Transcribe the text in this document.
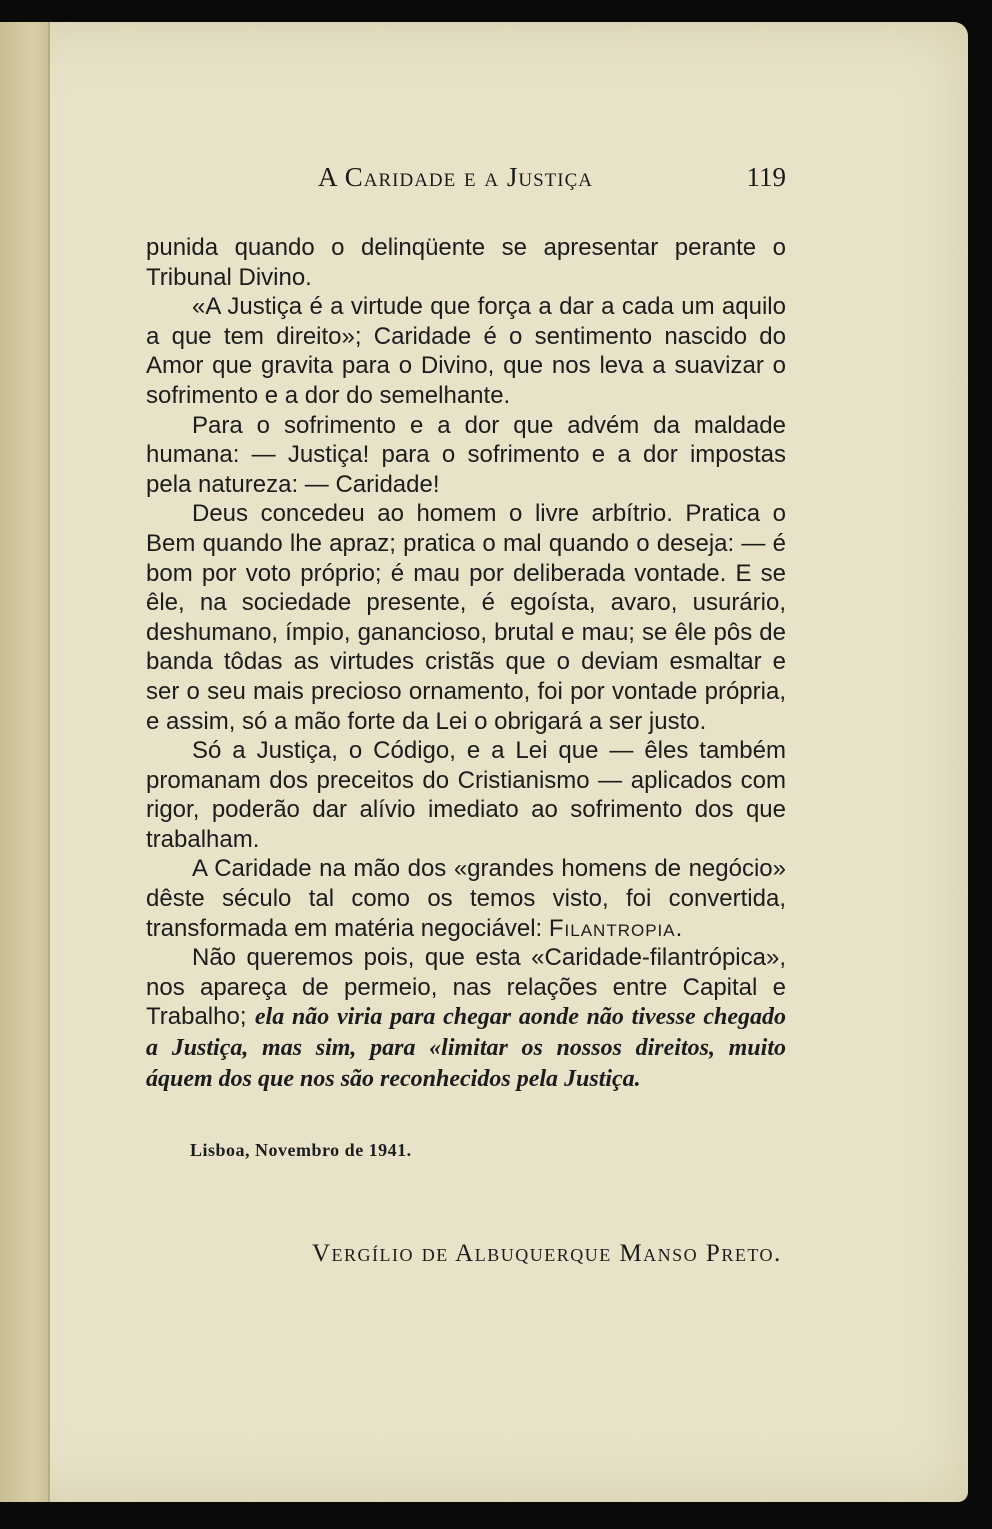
A Caridade e a Justiça	119

punida quando o delinqüente se apresentar perante o Tribunal Divino.

«A Justiça é a virtude que força a dar a cada um aquilo a que tem direito»; Caridade é o sentimento nascido do Amor que gravita para o Divino, que nos leva a suavizar o sofrimento e a dor do semelhante.

Para o sofrimento e a dor que advém da maldade humana: — Justiça! para o sofrimento e a dor impostas pela natureza: — Caridade!

Deus concedeu ao homem o livre arbítrio. Pratica o Bem quando lhe apraz; pratica o mal quando o deseja: — é bom por voto próprio; é mau por deliberada vontade. E se êle, na sociedade presente, é egoísta, avaro, usurário, deshumano, ímpio, ganancioso, brutal e mau; se êle pôs de banda tôdas as virtudes cristãs que o deviam esmaltar e ser o seu mais precioso ornamento, foi por vontade própria, e assim, só a mão forte da Lei o obrigará a ser justo.

Só a Justiça, o Código, e a Lei que — êles também promanam dos preceitos do Cristianismo — aplicados com rigor, poderão dar alívio imediato ao sofrimento dos que trabalham.

A Caridade na mão dos «grandes homens de negócio» dêste século tal como os temos visto, foi convertida, transformada em matéria negociável: Filantropia.

Não queremos pois, que esta «Caridade-filantrópica», nos apareça de permeio, nas relações entre Capital e Trabalho; ela não viria para chegar aonde não tivesse chegado a Justiça, mas sim, para «limitar os nossos direitos, muito áquem dos que nos são reconhecidos pela Justiça.

Lisboa, Novembro de 1941.
Vergílio de Albuquerque Manso Preto.
